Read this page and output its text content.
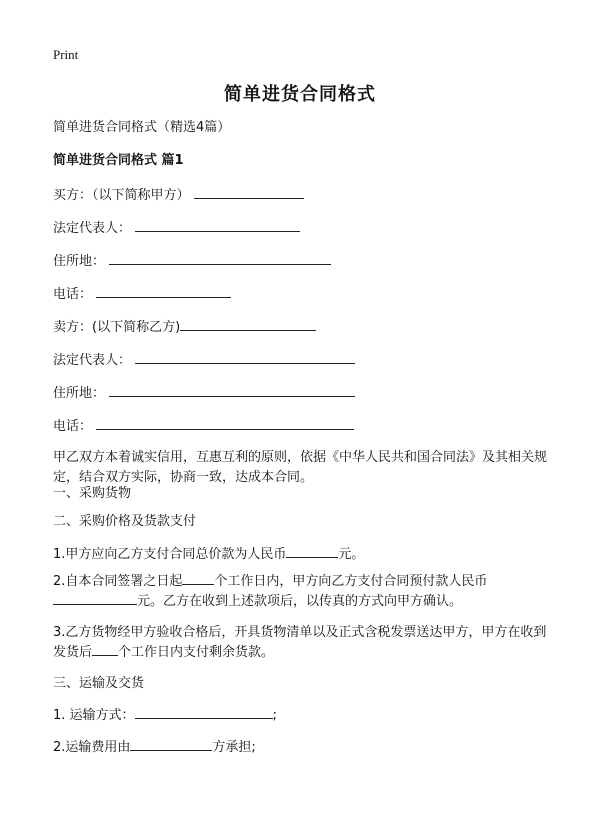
Print
简单进货合同格式
简单进货合同格式（精选4篇）
简单进货合同格式 篇1
买方：（以下简称甲方）
法定代表人：
住所地：
电话：
卖方：(以下简称乙方)
法定代表人：
住所地：
电话：
甲乙双方本着诚实信用，互惠互利的原则，依据《中华人民共和国合同法》及其相关规定，结合双方实际，协商一致，达成本合同。
一、采购货物
二、采购价格及货款支付
1.甲方应向乙方支付合同总价款为人民币	元。
2.自本合同签署之日起 个工作日内，甲方向乙方支付合同预付款人民币
元。乙方在收到上述款项后，以传真的方式向甲方确认。
3.乙方货物经甲方验收合格后，开具货物清单以及正式含税发票送达甲方，甲方在收到发货后 个工作日内支付剩余货款。
三、运输及交货
1. 运输方式：	;
2.运输费用由	方承担;
